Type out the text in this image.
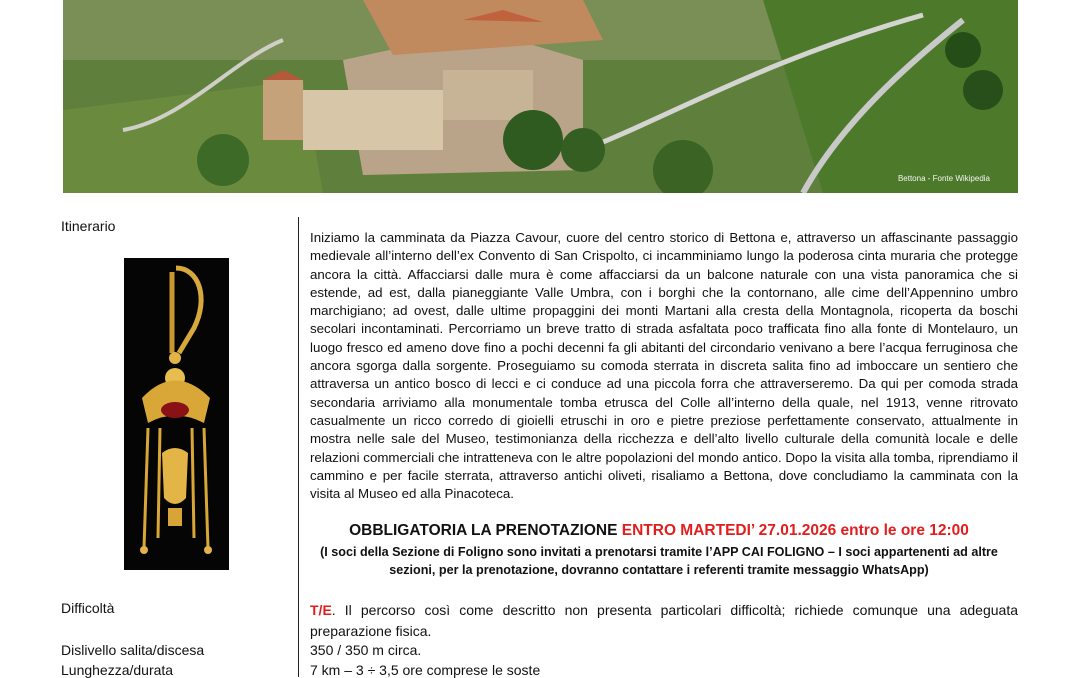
Bettona - Fonte Wikipedia
Itinerario

Iniziamo la camminata da Piazza Cavour, cuore del centro storico di Bettona e, attraverso un affascinante passaggio medievale all’interno dell’ex Convento di San Crispolto, ci incamminiamo lungo la poderosa cinta muraria che protegge ancora la città. Affacciarsi dalle mura è come affacciarsi da un balcone naturale con una vista panoramica che si estende, ad est, dalla pianeggiante Valle Umbra, con i borghi che la contornano, alle cime dell’Appennino umbro marchigiano; ad ovest, dalle ultime propaggini dei monti Martani alla cresta della Montagnola, ricoperta da boschi secolari incontaminati. Percorriamo un breve tratto di strada asfaltata poco trafficata fino alla fonte di Montelauro, un luogo fresco ed ameno dove fino a pochi decenni fa gli abitanti del circondario venivano a bere l’acqua ferruginosa che ancora sgorga dalla sorgente. Proseguiamo su comoda sterrata in discreta salita fino ad imboccare un sentiero che attraversa un antico bosco di lecci e ci conduce ad una piccola forra che attraverseremo. Da qui per comoda strada secondaria arriviamo alla monumentale tomba etrusca del Colle all’interno della quale, nel 1913, venne ritrovato casualmente un ricco corredo di gioielli etruschi in oro e pietre preziose perfettamente conservato, attualmente in mostra nelle sale del Museo, testimonianza della ricchezza e dell’alto livello culturale della comunità locale e delle relazioni commerciali che intratteneva con le altre popolazioni del mondo antico. Dopo la visita alla tomba, riprendiamo il cammino e per facile sterrata, attraverso antichi oliveti, risaliamo a Bettona, dove concludiamo la camminata con la visita al Museo ed alla Pinacoteca.

OBBLIGATORIA LA PRENOTAZIONE ENTRO MARTEDI’ 27.01.2026 entro le ore 12:00
(I soci della Sezione di Foligno sono invitati a prenotarsi tramite l’APP CAI FOLIGNO – I soci appartenenti ad altre sezioni, per la prenotazione, dovranno contattare i referenti tramite messaggio WhatsApp)
Difficoltà	T/E. Il percorso così come descritto non presenta particolari difficoltà; richiede comunque una adeguata preparazione fisica.

Dislivello salita/discesa	350 / 350 m circa.
Lunghezza/durata	7 km – 3 ÷ 3,5 ore comprese le soste
